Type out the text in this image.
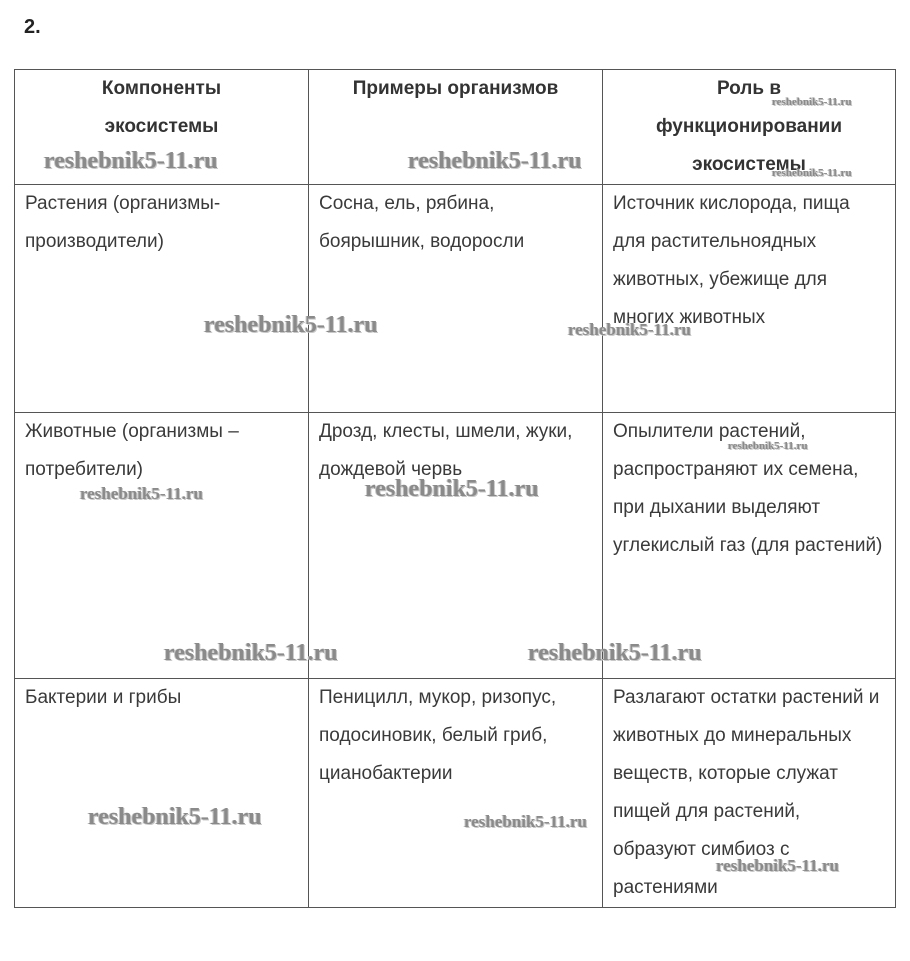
2.
Компоненты экосистемы	Примеры организмов	Роль в функционировании экосистемы
Растения (организмы-производители)	Сосна, ель, рябина, боярышник, водоросли	Источник кислорода, пища для растительноядных животных, убежище для многих животных
Животные (организмы – потребители)	Дрозд, клесты, шмели, жуки, дождевой червь	Опылители растений, распространяют их семена, при дыхании выделяют углекислый газ (для растений)
Бактерии и грибы	Пеницилл, мукор, ризопус, подосиновик, белый гриб, цианобактерии	Разлагают остатки растений и животных до минеральных веществ, которые служат пищей для растений, образуют симбиоз с растениями
reshebnik5-11.ru	reshebnik5-11.ru
reshebnik5-11.ru
reshebnik5-11.ru
reshebnik5-11.ru	reshebnik5-11.ru
reshebnik5-11.ru
reshebnik5-11.ru	reshebnik5-11.ru
reshebnik5-11.ru	reshebnik5-11.ru
reshebnik5-11.ru	reshebnik5-11.ru
reshebnik5-11.ru
